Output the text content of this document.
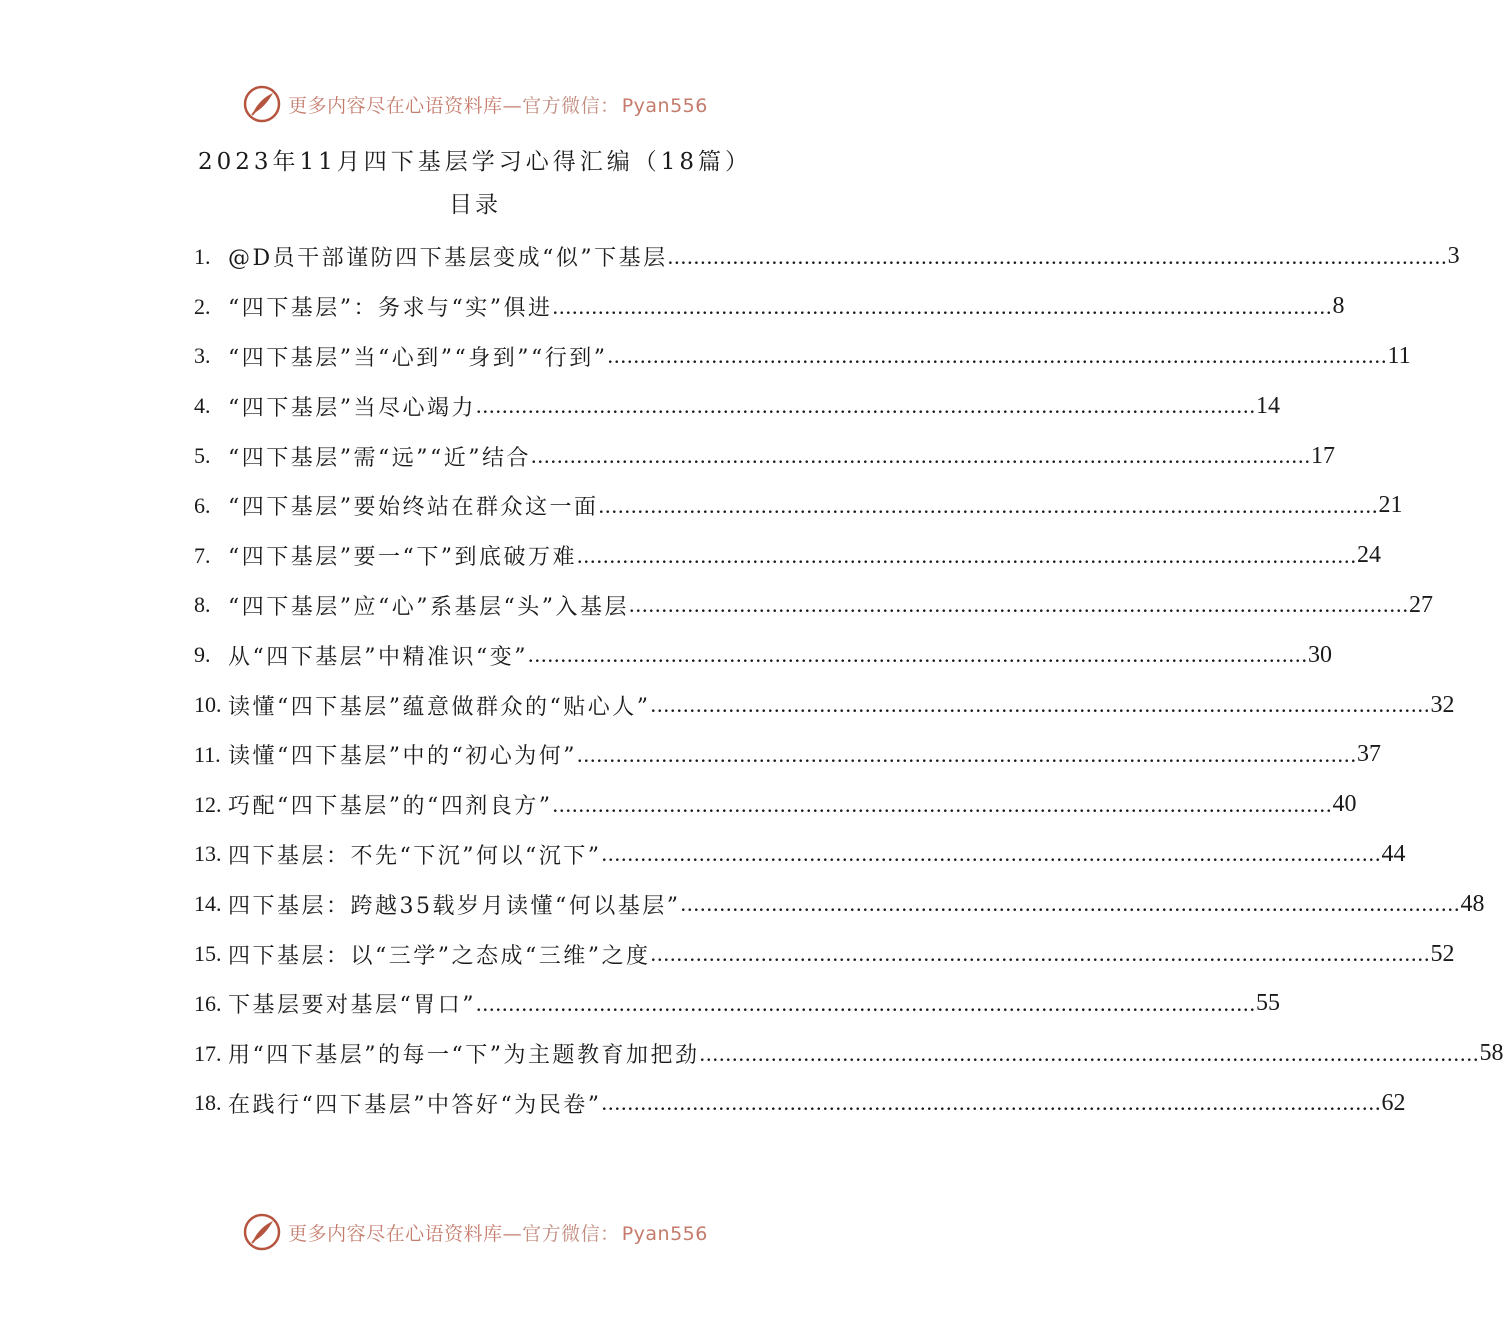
更多内容尽在心语资料库—官方微信： Pyan556
2023年11月四下基层学习心得汇编（18篇）
目录
1. @D员干部谨防四下基层变成“似”下基层 ........................................................................................................................ 3
2. “四下基层”：务求与“实”俱进 ........................................................................................................................ 8
3. “四下基层”当“心到”“身到”“行到” ........................................................................................................................ 11
4. “四下基层”当尽心竭力 ........................................................................................................................ 14
5. “四下基层”需“远”“近”结合 ........................................................................................................................ 17
6. “四下基层”要始终站在群众这一面 ........................................................................................................................ 21
7. “四下基层”要一“下”到底破万难 ........................................................................................................................ 24
8. “四下基层”应“心”系基层“头”入基层 ........................................................................................................................ 27
9. 从“四下基层”中精准识“变” ........................................................................................................................ 30
10. 读懂“四下基层”蕴意做群众的“贴心人” ........................................................................................................................ 32
11. 读懂“四下基层”中的“初心为何” ........................................................................................................................ 37
12. 巧配“四下基层”的“四剂良方” ........................................................................................................................ 40
13. 四下基层：不先“下沉”何以“沉下” ........................................................................................................................ 44
14. 四下基层：跨越35载岁月读懂“何以基层” ........................................................................................................................ 48
15. 四下基层：以“三学”之态成“三维”之度 ........................................................................................................................ 52
16. 下基层要对基层“胃口” ........................................................................................................................ 55
17. 用“四下基层”的每一“下”为主题教育加把劲 ........................................................................................................................ 58
18. 在践行“四下基层”中答好“为民卷” ........................................................................................................................ 62
更多内容尽在心语资料库—官方微信： Pyan556
